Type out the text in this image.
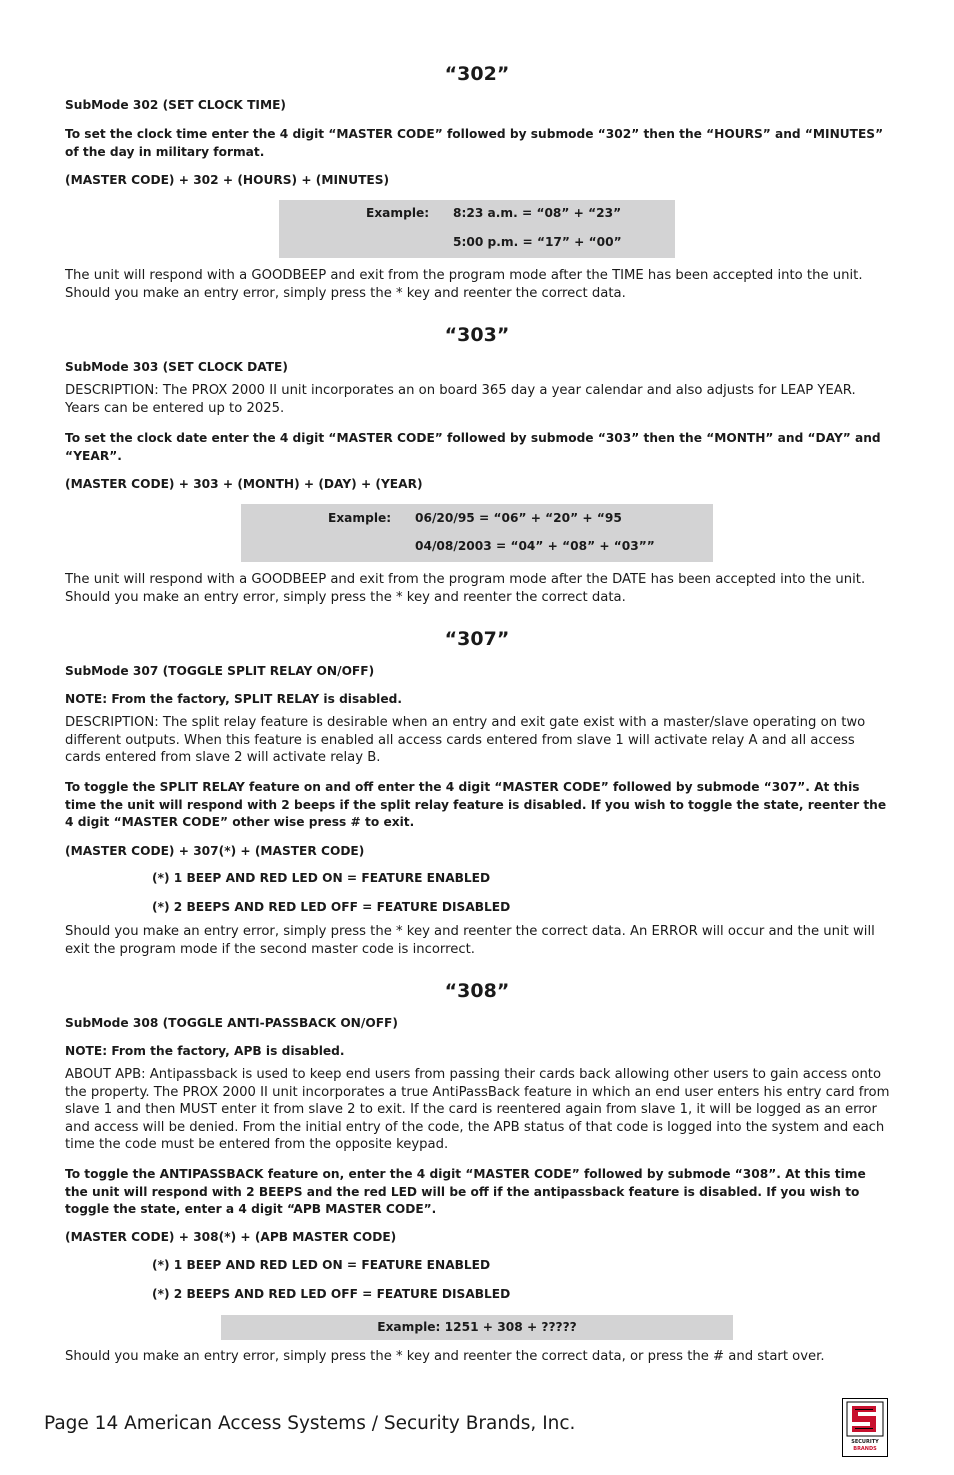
“302”
SubMode 302 (SET CLOCK TIME)
To set the clock time enter the 4 digit “MASTER CODE” followed by submode “302” then the “HOURS” and “MINUTES” of the day in military format.
(MASTER CODE) + 302 + (HOURS) + (MINUTES)
Example: 8:23 a.m. = “08” + “23”
5:00 p.m. = “17” + “00”
The unit will respond with a GOODBEEP and exit from the program mode after the TIME has been accepted into the unit. Should you make an entry error, simply press the * key and reenter the correct data.
“303”
SubMode 303 (SET CLOCK DATE)
DESCRIPTION: The PROX 2000 II unit incorporates an on board 365 day a year calendar and also adjusts for LEAP YEAR. Years can be entered up to 2025.
To set the clock date enter the 4 digit “MASTER CODE” followed by submode “303” then the “MONTH” and “DAY” and “YEAR”.
(MASTER CODE) + 303 + (MONTH) + (DAY) + (YEAR)
Example: 06/20/95 = “06” + “20” + “95
04/08/2003 = “04” + “08” + “03””
The unit will respond with a GOODBEEP and exit from the program mode after the DATE has been accepted into the unit. Should you make an entry error, simply press the * key and reenter the correct data.
“307”
SubMode 307 (TOGGLE SPLIT RELAY ON/OFF)
NOTE: From the factory, SPLIT RELAY is disabled.
DESCRIPTION: The split relay feature is desirable when an entry and exit gate exist with a master/slave operating on two different outputs. When this feature is enabled all access cards entered from slave 1 will activate relay A and all access cards entered from slave 2 will activate relay B.
To toggle the SPLIT RELAY feature on and off enter the 4 digit “MASTER CODE” followed by submode “307”. At this time the unit will respond with 2 beeps if the split relay feature is disabled. If you wish to toggle the state, reenter the 4 digit “MASTER CODE” other wise press # to exit.
(MASTER CODE) + 307(*) + (MASTER CODE)
(*) 1 BEEP AND RED LED ON = FEATURE ENABLED
(*) 2 BEEPS AND RED LED OFF = FEATURE DISABLED
Should you make an entry error, simply press the * key and reenter the correct data. An ERROR will occur and the unit will exit the program mode if the second master code is incorrect.
“308”
SubMode 308 (TOGGLE ANTI-PASSBACK ON/OFF)
NOTE: From the factory, APB is disabled.
ABOUT APB: Antipassback is used to keep end users from passing their cards back allowing other users to gain access onto the property. The PROX 2000 II unit incorporates a true AntiPassBack feature in which an end user enters his entry card from slave 1 and then MUST enter it from slave 2 to exit. If the card is reentered again from slave 1, it will be logged as an error and access will be denied. From the initial entry of the code, the APB status of that code is logged into the system and each time the code must be entered from the opposite keypad.
To toggle the ANTIPASSBACK feature on, enter the 4 digit “MASTER CODE” followed by submode “308”. At this time the unit will respond with 2 BEEPS and the red LED will be off if the antipassback feature is disabled. If you wish to toggle the state, enter a 4 digit “APB MASTER CODE”.
(MASTER CODE) + 308(*) + (APB MASTER CODE)
(*) 1 BEEP AND RED LED ON = FEATURE ENABLED
(*) 2 BEEPS AND RED LED OFF = FEATURE DISABLED
Example: 1251 + 308 + ?????
Should you make an entry error, simply press the * key and reenter the correct data, or press the # and start over.
Page 14 American Access Systems / Security Brands, Inc.
SECURITY
BRANDS
